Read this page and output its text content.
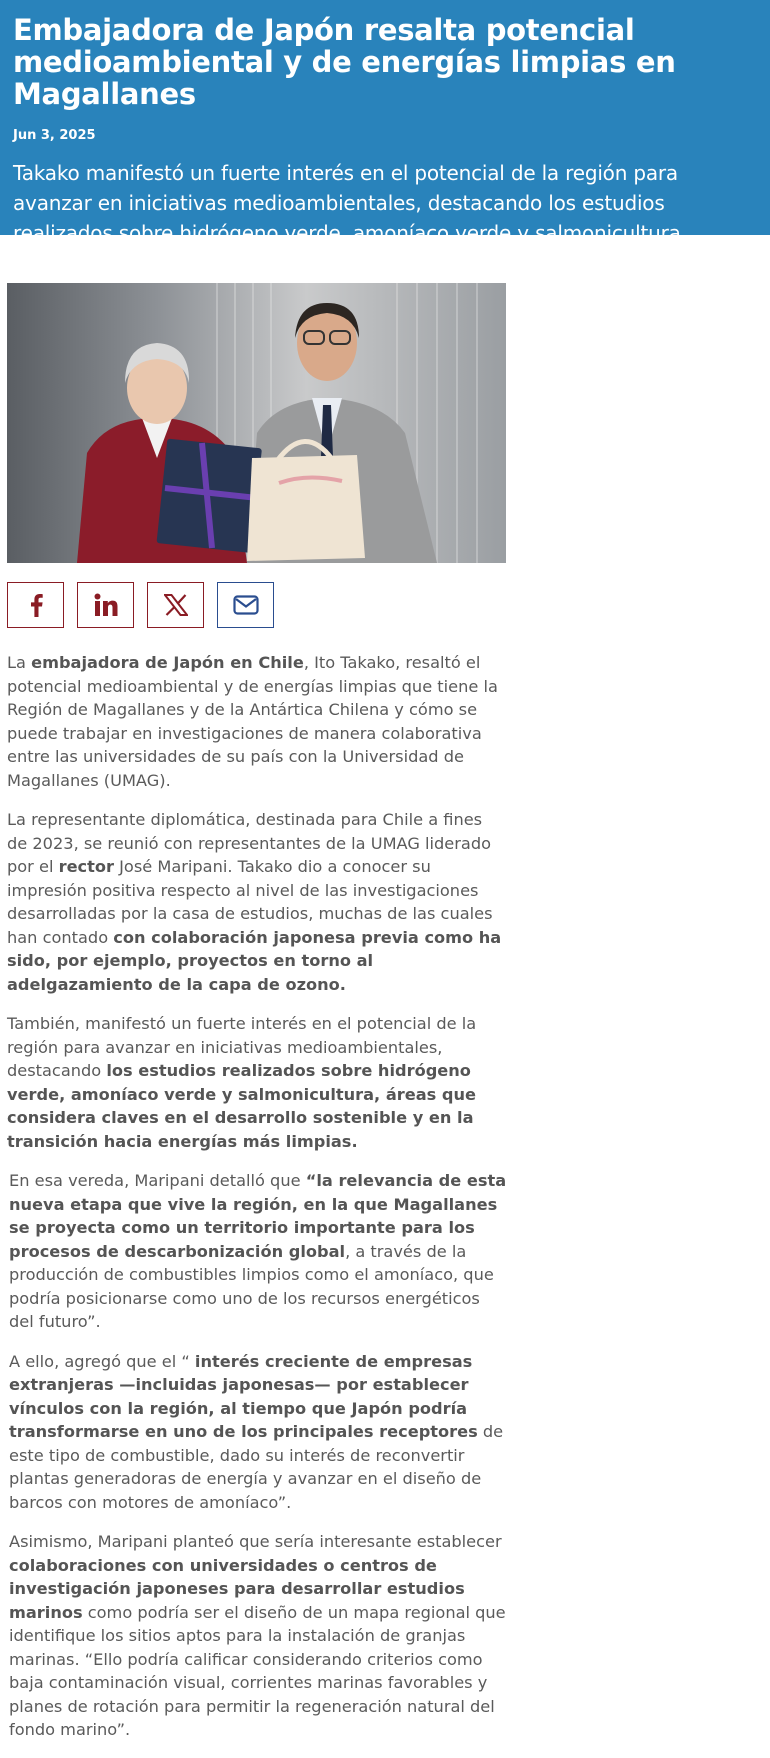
Embajadora de Japón resalta potencial medioambiental y de energías limpias en Magallanes
Jun 3, 2025

Takako manifestó un fuerte interés en el potencial de la región para avanzar en iniciativas medioambientales, destacando los estudios realizados sobre hidrógeno verde, amoníaco verde y salmonicultura.

La embajadora de Japón en Chile, Ito Takako, resaltó el potencial medioambiental y de energías limpias que tiene la Región de Magallanes y de la Antártica Chilena y cómo se puede trabajar en investigaciones de manera colaborativa entre las universidades de su país con la Universidad de Magallanes (UMAG).

La representante diplomática, destinada para Chile a fines de 2023, se reunió con representantes de la UMAG liderado por el rector José Maripani. Takako dio a conocer su impresión positiva respecto al nivel de las investigaciones desarrolladas por la casa de estudios, muchas de las cuales han contado con colaboración japonesa previa como ha sido, por ejemplo, proyectos en torno al adelgazamiento de la capa de ozono.

También, manifestó un fuerte interés en el potencial de la región para avanzar en iniciativas medioambientales, destacando los estudios realizados sobre hidrógeno verde, amoníaco verde y salmonicultura, áreas que considera claves en el desarrollo sostenible y en la transición hacia energías más limpias.

En esa vereda, Maripani detalló que “la relevancia de esta nueva etapa que vive la región, en la que Magallanes se proyecta como un territorio importante para los procesos de descarbonización global, a través de la producción de combustibles limpios como el amoníaco, que podría posicionarse como uno de los recursos energéticos del futuro”.

A ello, agregó que el “ interés creciente de empresas extranjeras —incluidas japonesas— por establecer vínculos con la región, al tiempo que Japón podría transformarse en uno de los principales receptores de este tipo de combustible, dado su interés de reconvertir plantas generadoras de energía y avanzar en el diseño de barcos con motores de amoníaco”.

Asimismo, Maripani planteó que sería interesante establecer colaboraciones con universidades o centros de investigación japoneses para desarrollar estudios marinos como podría ser el diseño de un mapa regional que identifique los sitios aptos para la instalación de granjas marinas. “Ello podría calificar considerando criterios como baja contaminación visual, corrientes marinas favorables y planes de rotación para permitir la regeneración natural del fondo marino”.
